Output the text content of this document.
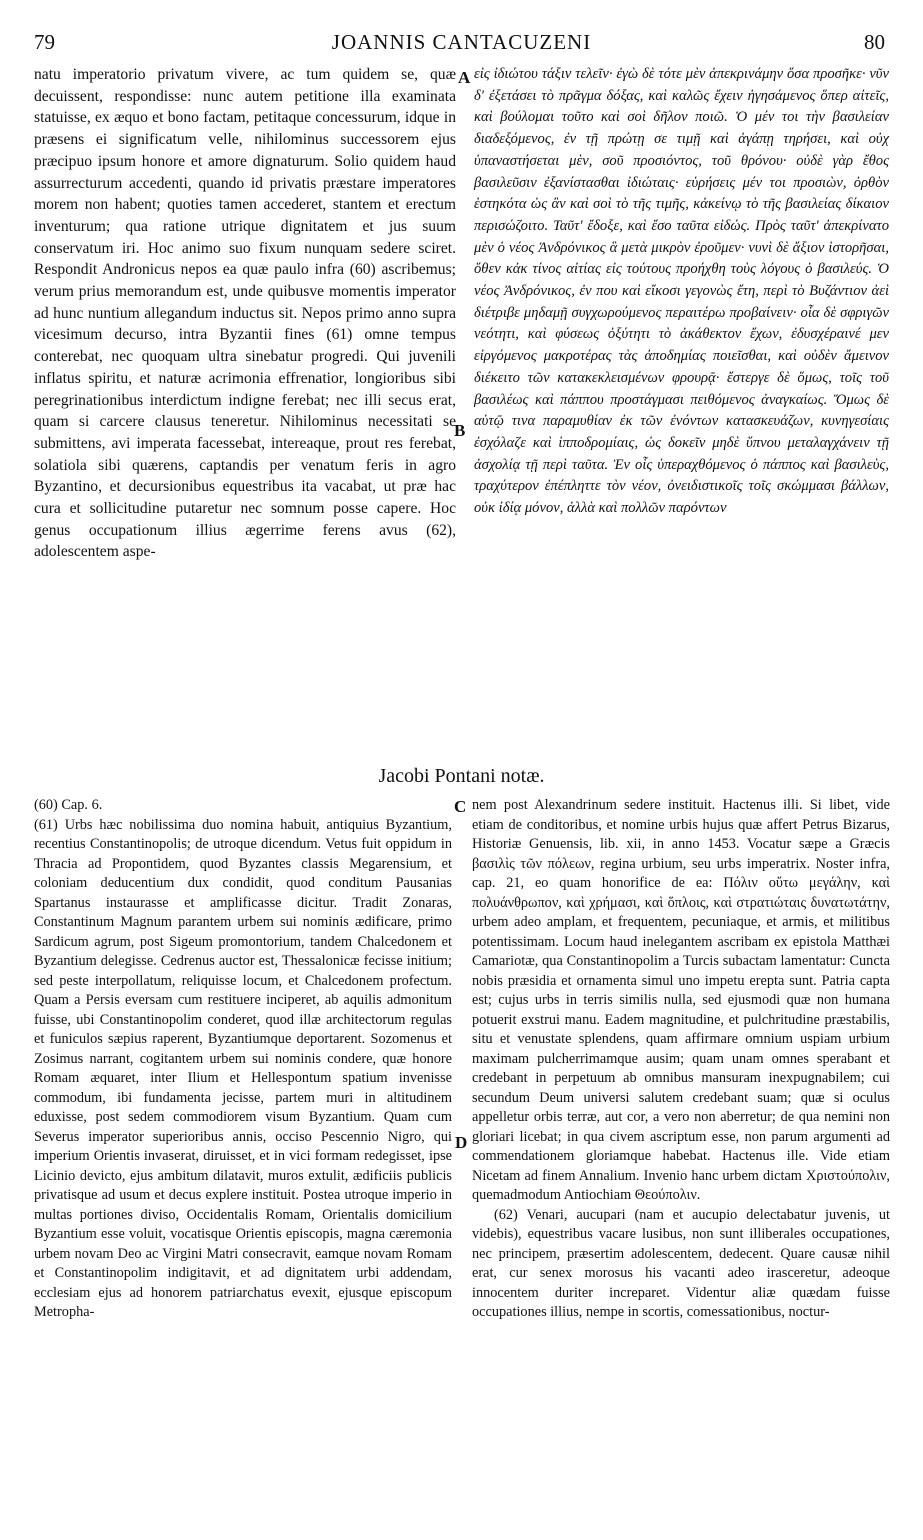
79	JOANNIS CANTACUZENI	80

natu imperatorio privatum vivere, ac tum quidem se, quæ decuissent, respondisse: nunc autem petitione illa examinata statuisse, ex æquo et bono factam, petitaque concessurum, idque in præsens ei significatum velle, nihilominus successorem ejus præcipuo ipsum honore et amore dignaturum. Solio quidem haud assurrecturum accedenti, quando id privatis præstare imperatores morem non habent; quoties tamen accederet, stantem et erectum inventurum; qua ratione utrique dignitatem et jus suum conservatum iri. Hoc animo suo fixum nunquam sedere sciret. Respondit Andronicus nepos ea quæ paulo infra (60) ascribemus; verum prius memorandum est, unde quibusve momentis imperator ad hunc nuntium allegandum inductus sit. Nepos primo anno supra vicesimum decurso, intra Byzantii fines (61) omne tempus conterebat, nec quoquam ultra sinebatur progredi. Qui juvenili inflatus spiritu, et naturæ acrimonia effrenatior, longioribus sibi peregrinationibus interdictum indigne ferebat; nec illi secus erat, quam si carcere clausus teneretur. Nihilominus necessitati se submittens, avi imperata facessebat, intereaque, prout res ferebat, solatiola sibi quærens, captandis per venatum feris in agro Byzantino, et decursionibus equestribus ita vacabat, ut præ hac cura et sollicitudine putaretur nec somnum posse capere. Hoc genus occupationum illius ægerrime ferens avus (62), adolescentem aspe-

A
B

εἰς ἰδιώτου τάξιν τελεῖν· ἐγὼ δὲ τότε μὲν ἀπεκρινάμην ὅσα προσῆκε· νῦν δ' ἐξετάσει τὸ πρᾶγμα δόξας, καὶ καλῶς ἔχειν ἡγησάμενος ὅπερ αἰτεῖς, καὶ βούλομαι τοῦτο καὶ σοὶ δῆλον ποιῶ. Ὁ μέν τοι τὴν βασιλείαν διαδεξόμενος, ἐν τῇ πρώτῃ σε τιμῇ καὶ ἀγάπῃ τηρήσει, καὶ οὐχ ὑπαναστήσεται μὲν, σοῦ προσιόντος, τοῦ θρόνου· οὐδὲ γὰρ ἔθος βασιλεῦσιν ἐξανίστασθαι ἰδιώταις· εὑρήσεις μέν τοι προσιὼν, ὀρθὸν ἑστηκότα ὡς ἂν καὶ σοὶ τὸ τῆς τιμῆς, κἀκείνῳ τὸ τῆς βασιλείας δίκαιον περισώζοιτο. Ταῦτ' ἔδοξε, καὶ ἔσο ταῦτα εἰδώς. Πρὸς ταῦτ' ἀπεκρίνατο μὲν ὁ νέος Ἀνδρόνικος ἃ μετὰ μικρὸν ἐροῦμεν· νυνὶ δὲ ἄξιον ἱστορῆσαι, ὅθεν κἀκ τίνος αἰτίας εἰς τούτους προήχθη τοὺς λόγους ὁ βασιλεύς. Ὁ νέος Ἀνδρόνικος, ἐν που καὶ εἴκοσι γεγονὼς ἔτη, περὶ τὸ Βυζάντιον ἀεὶ διέτριβε μηδαμῇ συγχωρούμενος περαιτέρω προβαίνειν· οἷα δὲ σφριγῶν νεότητι, καὶ φύσεως ὀξύτητι τὸ ἀκάθεκτον ἔχων, ἐδυσχέραινέ μεν εἰργόμενος μακροτέρας τὰς ἀποδημίας ποιεῖσθαι, καὶ οὐδὲν ἄμεινον διέκειτο τῶν κατακεκλεισμένων φρουρᾷ· ἔστεργε δὲ ὅμως, τοῖς τοῦ βασιλέως καὶ πάππου προστάγμασι πειθόμενος ἀναγκαίως. Ὅμως δὲ αὑτῷ τινα παραμυθίαν ἐκ τῶν ἐνόντων κατασκευάζων, κυνηγεσίαις ἐσχόλαζε καὶ ἱπποδρομίαις, ὡς δοκεῖν μηδὲ ὕπνου μεταλαγχάνειν τῇ ἀσχολίᾳ τῇ περὶ ταῦτα. Ἐν οἷς ὑπεραχθόμενος ὁ πάππος καὶ βασιλεὺς, τραχύτερον ἐπέπληττε τὸν νέον, ὀνειδιστικοῖς τοῖς σκώμμασι βάλλων, οὐκ ἰδίᾳ μόνον, ἀλλὰ καὶ πολλῶν παρόντων

Jacobi Pontani notæ.

(60) Cap. 6.

(61) Urbs hæc nobilissima duo nomina habuit, antiquius Byzantium, recentius Constantinopolis; de utroque dicendum. Vetus fuit oppidum in Thracia ad Propontidem, quod Byzantes classis Megarensium, et coloniam deducentium dux condidit, quod conditum Pausanias Spartanus instaurasse et amplificasse dicitur. Tradit Zonaras, Constantinum Magnum parantem urbem sui nominis ædificare, primo Sardicum agrum, post Sigeum promontorium, tandem Chalcedonem et Byzantium delegisse. Cedrenus auctor est, Thessalonicæ fecisse initium; sed peste interpollatum, reliquisse locum, et Chalcedonem profectum. Quam a Persis eversam cum restituere inciperet, ab aquilis admonitum fuisse, ubi Constantinopolim conderet, quod illæ architectorum regulas et funiculos sæpius raperent, Byzantiumque deportarent. Sozomenus et Zosimus narrant, cogitantem urbem sui nominis condere, quæ honore Romam æquaret, inter Ilium et Hellespontum spatium invenisse commodum, ibi fundamenta jecisse, partem muri in altitudinem eduxisse, post sedem commodiorem visum Byzantium. Quam cum Severus imperator superioribus annis, occiso Pescennio Nigro, qui imperium Orientis invaserat, diruisset, et in vici formam redegisset, ipse Licinio devicto, ejus ambitum dilatavit, muros extulit, ædificiis publicis privatisque ad usum et decus explere instituit. Postea utroque imperio in multas portiones diviso, Occidentalis Romam, Orientalis domicilium Byzantium esse voluit, vocatisque Orientis episcopis, magna cæremonia urbem novam Deo ac Virgini Matri consecravit, eamque novam Romam et Constantinopolim indigitavit, et ad dignitatem urbi addendam, ecclesiam ejus ad honorem patriarchatus evexit, ejusque episcopum Metropha-

C
D

nem post Alexandrinum sedere instituit. Hactenus illi. Si libet, vide etiam de conditoribus, et nomine urbis hujus quæ affert Petrus Bizarus, Historiæ Genuensis, lib. xii, in anno 1453. Vocatur sæpe a Græcis βασιλὶς τῶν πόλεων, regina urbium, seu urbs imperatrix. Noster infra, cap. 21, eo quam honorifice de ea: Πόλιν οὕτω μεγάλην, καὶ πολυάνθρωπον, καὶ χρήμασι, καὶ ὅπλοις, καὶ στρατιώταις δυνατωτάτην, urbem adeo amplam, et frequentem, pecuniaque, et armis, et militibus potentissimam. Locum haud inelegantem ascribam ex epistola Matthæi Camariotæ, qua Constantinopolim a Turcis subactam lamentatur: Cuncta nobis præsidia et ornamenta simul uno impetu erepta sunt. Patria capta est; cujus urbs in terris similis nulla, sed ejusmodi quæ non humana potuerit exstrui manu. Eadem magnitudine, et pulchritudine præstabilis, situ et venustate splendens, quam affirmare omnium uspiam urbium maximam pulcherrimamque ausim; quam unam omnes sperabant et credebant in perpetuum ab omnibus mansuram inexpugnabilem; cui secundum Deum universi salutem credebant suam; quæ si oculus appelletur orbis terræ, aut cor, a vero non aberretur; de qua nemini non gloriari licebat; in qua civem ascriptum esse, non parum argumenti ad commendationem gloriamque habebat. Hactenus ille. Vide etiam Nicetam ad finem Annalium. Invenio hanc urbem dictam Χριστούπολιν, quemadmodum Antiochiam Θεούπολιν.

(62) Venari, aucupari (nam et aucupio delectabatur juvenis, ut videbis), equestribus vacare lusibus, non sunt illiberales occupationes, nec principem, præsertim adolescentem, dedecent. Quare causæ nihil erat, cur senex morosus his vacanti adeo irasceretur, adeoque innocentem duriter increparet. Videntur aliæ quædam fuisse occupationes illius, nempe in scortis, comessationibus, noctur-
